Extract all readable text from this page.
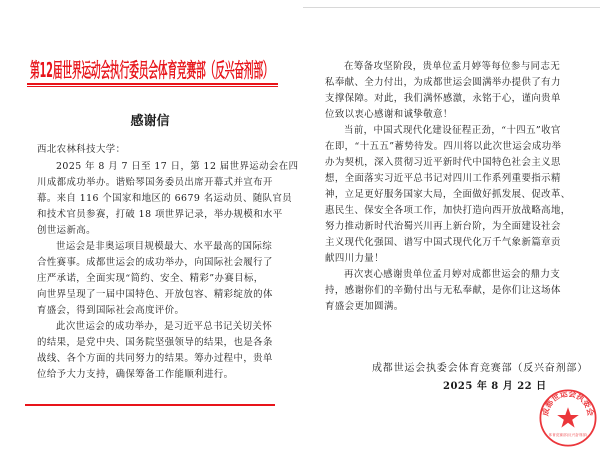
第12届世界运动会执行委员会体育竞赛部（反兴奋剂部）
感谢信
西北农林科技大学：
2025 年 8 月 7 日至 17 日，第 12 届世界运动会在四
川成都成功举办。谐贻琴国务委员出席开幕式并宣布开
幕。来自 116 个国家和地区的 6679 名运动员、随队官员
和技术官员参赛，打破 18 项世界记录，举办规模和水平
创世运新高。
世运会是非奥运项目规模最大、水平最高的国际综
合性赛事。成都世运会的成功举办，向国际社会履行了
庄严承诺，全面实现“简约、安全、精彩”办赛目标，
向世界呈现了一届中国特色、开放包容、精彩绽放的体
育盛会，得到国际社会高度评价。
此次世运会的成功举办，是习近平总书记关切关怀
的结果，是党中央、国务院坚强领导的结果，也是各条
战线、各个方面的共同努力的结果。筹办过程中，贵单
位给予大力支持，确保筹备工作能顺利进行。
在筹备攻坚阶段，贵单位孟月婷等每位参与同志无
私奉献、全力付出，为成都世运会圆满举办提供了有力
支撑保障。对此，我们满怀感激，永铭于心，谨向贵单
位致以衷心感谢和诚挚敬意！
当前，中国式现代化建设征程正劲，“十四五”收官
在即，“十五五”蓄势待发。四川将以此次世运会成功举
办为契机，深入贯彻习近平新时代中国特色社会主义思
想，全面落实习近平总书记对四川工作系列重要指示精
神，立足更好服务国家大局，全面做好抓发展、促改革、
惠民生、保安全各项工作，加快打造向西开放战略高地，
努力推动新时代治蜀兴川再上新台阶，为全面建设社会
主义现代化强国、谱写中国式现代化万千气象新篇章贡
献四川力量！
再次衷心感谢贵单位孟月婷对成都世运会的鼎力支
持，感谢你们的辛勤付出与无私奉献，是你们让这场体
育盛会更加圆满。
成都世运会执委会体育竞赛部（反兴奋剂部）
2025 年 8 月 22 日
成都世运会执委会
体育竞赛部(反兴奋剂部)
